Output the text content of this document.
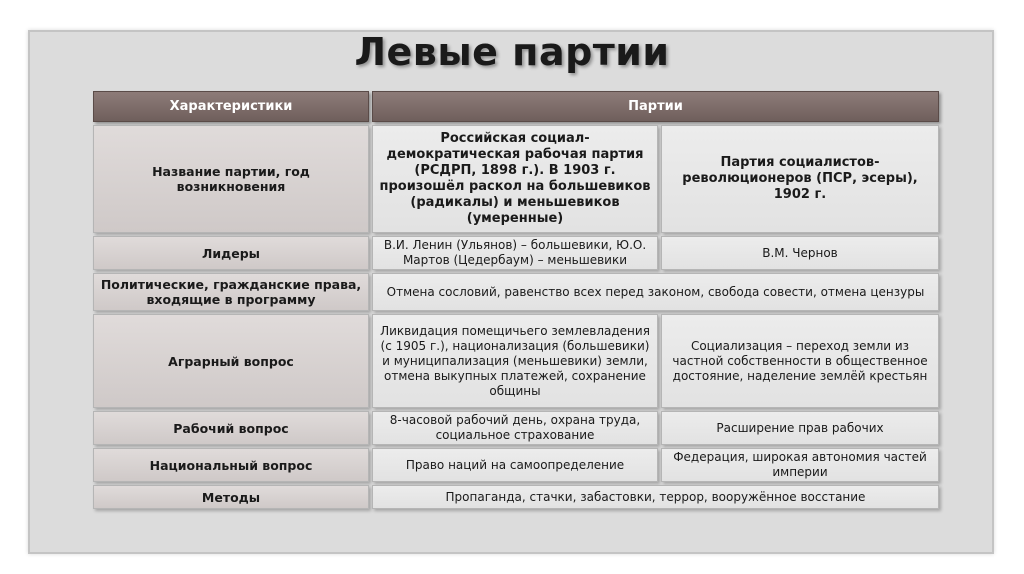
Левые партии
Характеристики	Партии	
Название партии, год возникновения	Российская социал-демократическая рабочая партия (РСДРП, 1898 г.). В 1903 г. произошёл раскол на большевиков (радикалы) и меньшевиков (умеренные)	Партия социалистов-революционеров (ПСР, эсеры), 1902 г.
Лидеры	В.И. Ленин (Ульянов) – большевики, Ю.О. Мартов (Цедербаум) – меньшевики	В.М. Чернов
Политические, гражданские права, входящие в программу	Отмена сословий, равенство всех перед законом, свобода совести, отмена цензуры	
Аграрный вопрос	Ликвидация помещичьего землевладения (с 1905 г.), национализация (большевики) и муниципализация (меньшевики) земли, отмена выкупных платежей, сохранение общины	Социализация – переход земли из частной собственности в общественное достояние, наделение землёй крестьян
Рабочий вопрос	8-часовой рабочий день, охрана труда, социальное страхование	Расширение прав рабочих
Национальный вопрос	Право наций на самоопределение	Федерация, широкая автономия частей империи
Методы	Пропаганда, стачки, забастовки, террор, вооружённое восстание	
